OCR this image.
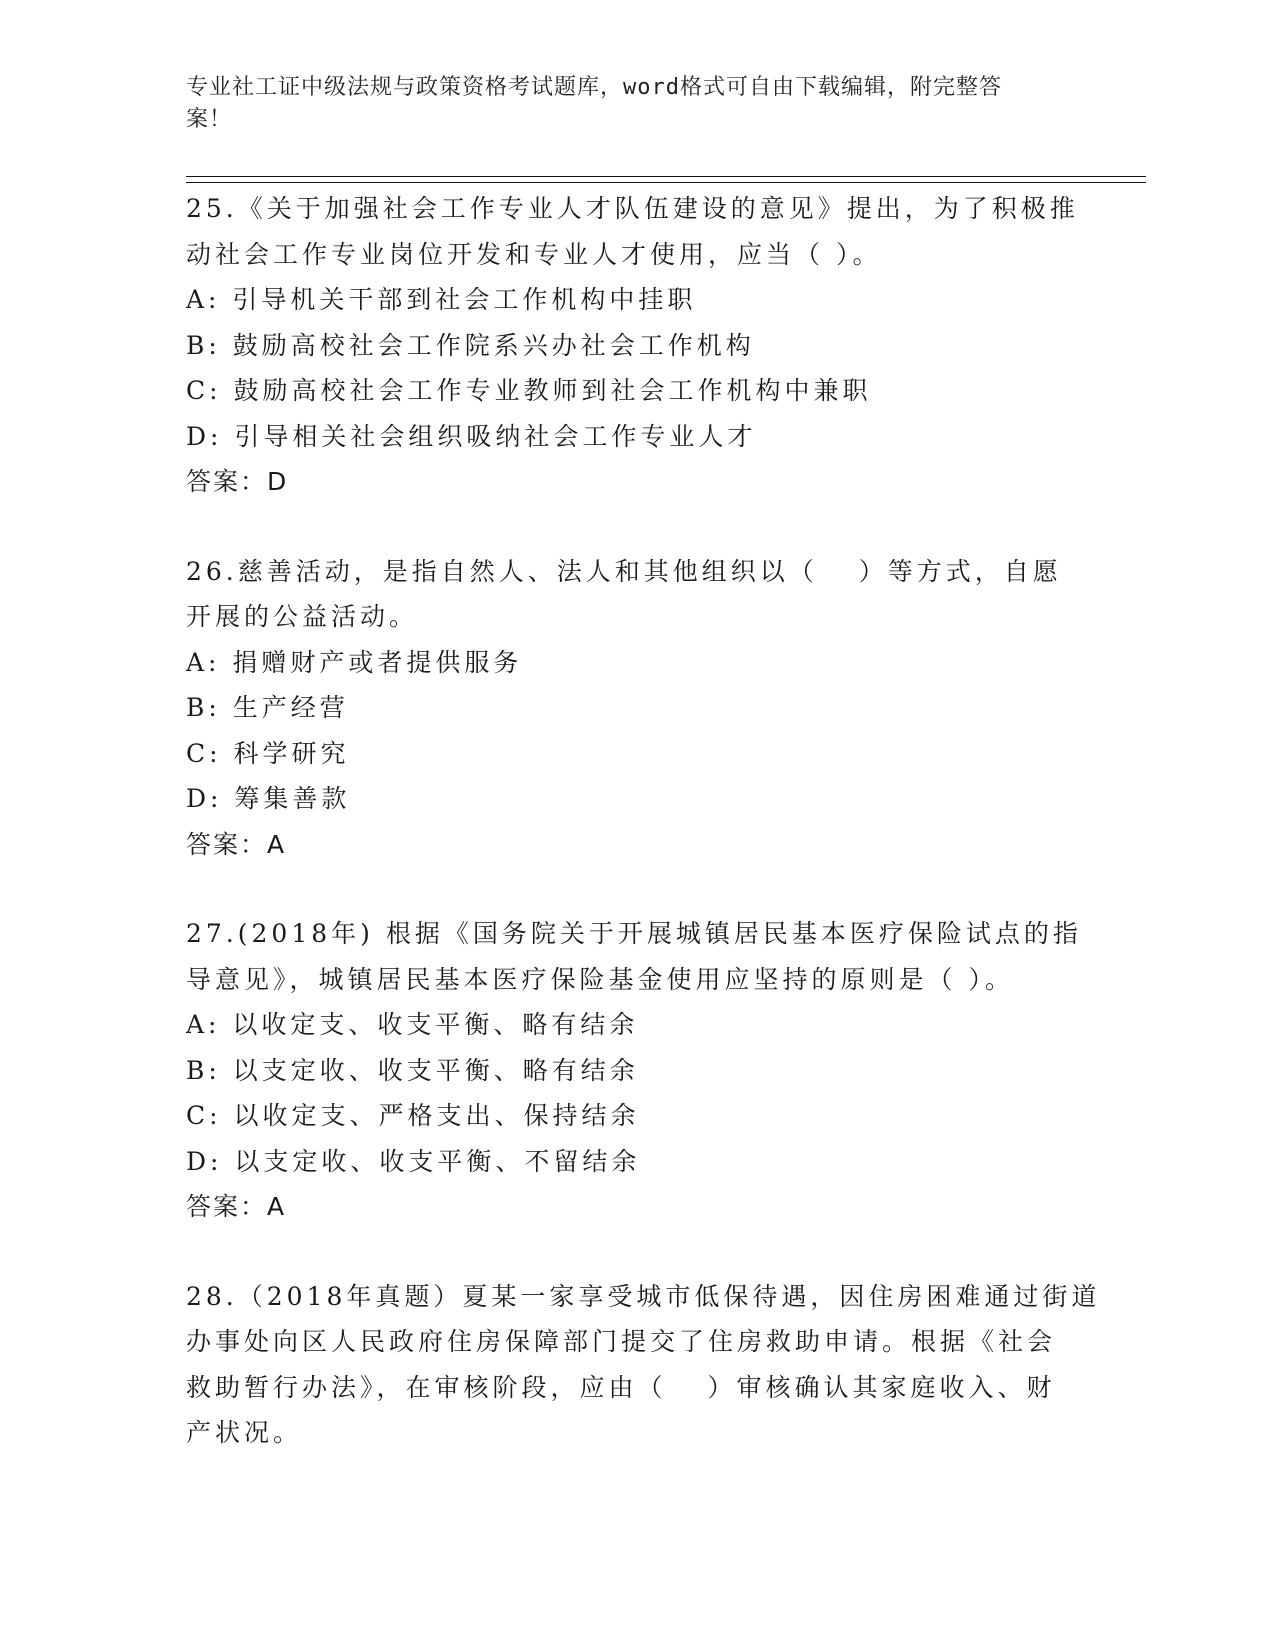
专业社工证中级法规与政策资格考试题库，word格式可自由下载编辑，附完整答
案！
25.《关于加强社会工作专业人才队伍建设的意见》提出，为了积极推
动社会工作专业岗位开发和专业人才使用，应当（ ）。
A: 引导机关干部到社会工作机构中挂职
B: 鼓励高校社会工作院系兴办社会工作机构
C: 鼓励高校社会工作专业教师到社会工作机构中兼职
D: 引导相关社会组织吸纳社会工作专业人才
答案：D
26.慈善活动，是指自然人、法人和其他组织以（　 ）等方式，自愿
开展的公益活动。
A: 捐赠财产或者提供服务
B: 生产经营
C: 科学研究
D: 筹集善款
答案：A
27.(2018年) 根据《国务院关于开展城镇居民基本医疗保险试点的指
导意见》，城镇居民基本医疗保险基金使用应坚持的原则是（ ）。
A: 以收定支、收支平衡、略有结余
B: 以支定收、收支平衡、略有结余
C: 以收定支、严格支出、保持结余
D: 以支定收、收支平衡、不留结余
答案：A
28.（2018年真题）夏某一家享受城市低保待遇，因住房困难通过街道
办事处向区人民政府住房保障部门提交了住房救助申请。根据《社会
救助暂行办法》，在审核阶段，应由（　 ）审核确认其家庭收入、财
产状况。
